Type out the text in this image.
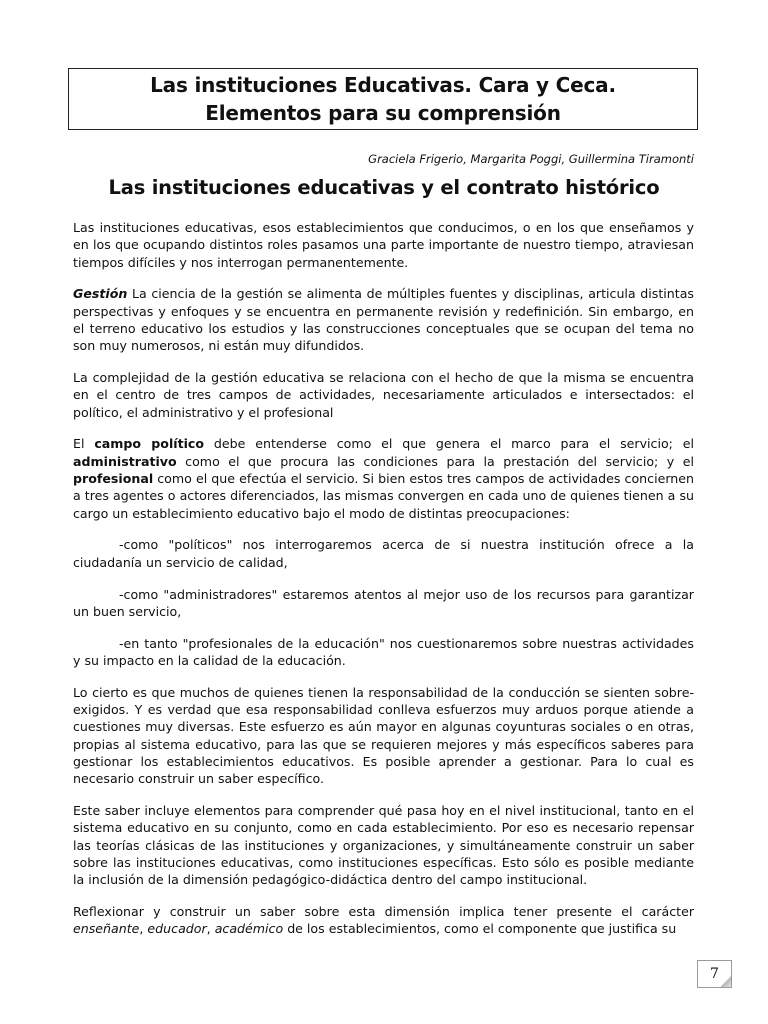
Las instituciones Educativas. Cara y Ceca.
Elementos para su comprensión
Graciela Frigerio, Margarita Poggi, Guillermina Tiramonti
Las instituciones educativas y el contrato histórico

Las instituciones educativas, esos establecimientos que conducimos, o en los que enseñamos y en los que ocupando distintos roles pasamos una parte importante de nuestro tiempo, atraviesan tiempos difíciles y nos interrogan permanentemente.

Gestión La ciencia de la gestión se alimenta de múltiples fuentes y disciplinas, articula distintas perspectivas y enfoques y se encuentra en permanente revisión y redefinición. Sin embargo, en el terreno educativo los estudios y las construcciones conceptuales que se ocupan del tema no son muy numerosos, ni están muy difundidos.

La complejidad de la gestión educativa se relaciona con el hecho de que la misma se encuentra en el centro de tres campos de actividades, necesariamente articulados e intersectados: el político, el administrativo y el profesional

El campo político debe entenderse como el que genera el marco para el servicio; el administrativo como el que procura las condiciones para la prestación del servicio; y el profesional como el que efectúa el servicio. Si bien estos tres campos de actividades conciernen a tres agentes o actores diferenciados, las mismas convergen en cada uno de quienes tienen a su cargo un establecimiento educativo bajo el modo de distintas preocupaciones:

-como "políticos" nos interrogaremos acerca de si nuestra institución ofrece a la ciudadanía un servicio de calidad,

-como "administradores" estaremos atentos al mejor uso de los recursos para garantizar un buen servicio,

-en tanto "profesionales de la educación" nos cuestionaremos sobre nuestras actividades y su impacto en la calidad de la educación.

Lo cierto es que muchos de quienes tienen la responsabilidad de la conducción se sienten sobre-exigidos. Y es verdad que esa responsabilidad conlleva esfuerzos muy arduos porque atiende a cuestiones muy diversas. Este esfuerzo es aún mayor en algunas coyunturas sociales o en otras, propias al sistema educativo, para las que se requieren mejores y más específicos saberes para gestionar los establecimientos educativos. Es posible aprender a gestionar. Para lo cual es necesario construir un saber específico.

Este saber incluye elementos para comprender qué pasa hoy en el nivel institucional, tanto en el sistema educativo en su conjunto, como en cada establecimiento. Por eso es necesario repensar las teorías clásicas de las instituciones y organizaciones, y simultáneamente construir un saber sobre las instituciones educativas, como instituciones específicas. Esto sólo es posible mediante la inclusión de la dimensión pedagógico-didáctica dentro del campo institucional.

Reflexionar y construir un saber sobre esta dimensión implica tener presente el carácter enseñante, educador, académico de los establecimientos, como el componente que justifica su

7
